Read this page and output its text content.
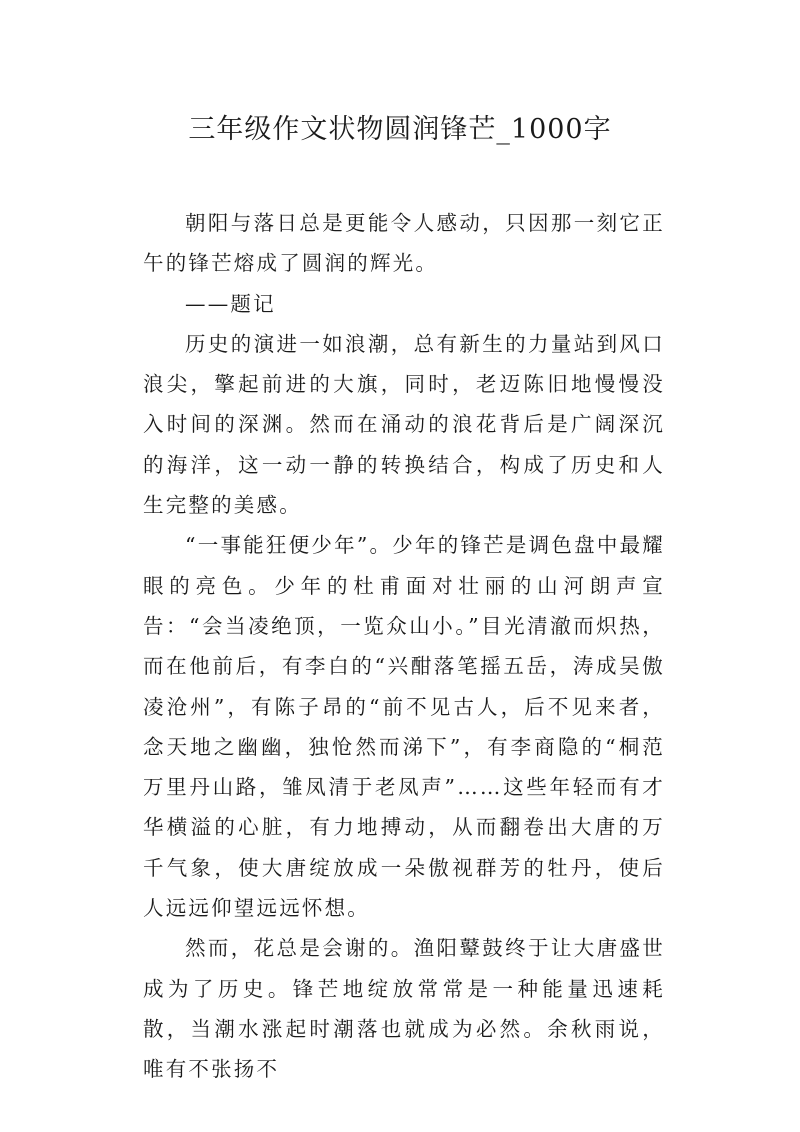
三年级作文状物圆润锋芒_1000字

朝阳与落日总是更能令人感动，只因那一刻它正午的锋芒熔成了圆润的辉光。

——题记

历史的演进一如浪潮，总有新生的力量站到风口浪尖，擎起前进的大旗，同时，老迈陈旧地慢慢没入时间的深渊。然而在涌动的浪花背后是广阔深沉的海洋，这一动一静的转换结合，构成了历史和人生完整的美感。

“一事能狂便少年”。少年的锋芒是调色盘中最耀眼的亮色。少年的杜甫面对壮丽的山河朗声宣告：“会当凌绝顶，一览众山小。”目光清澈而炽热，而在他前后，有李白的“兴酣落笔摇五岳，涛成吴傲凌沧州”，有陈子昂的“前不见古人，后不见来者，念天地之幽幽，独怆然而涕下”，有李商隐的“桐范万里丹山路，雏凤清于老凤声”……这些年轻而有才华横溢的心脏，有力地搏动，从而翻卷出大唐的万千气象，使大唐绽放成一朵傲视群芳的牡丹，使后人远远仰望远远怀想。

然而，花总是会谢的。渔阳鼙鼓终于让大唐盛世成为了历史。锋芒地绽放常常是一种能量迅速耗散，当潮水涨起时潮落也就成为必然。余秋雨说，唯有不张扬不
